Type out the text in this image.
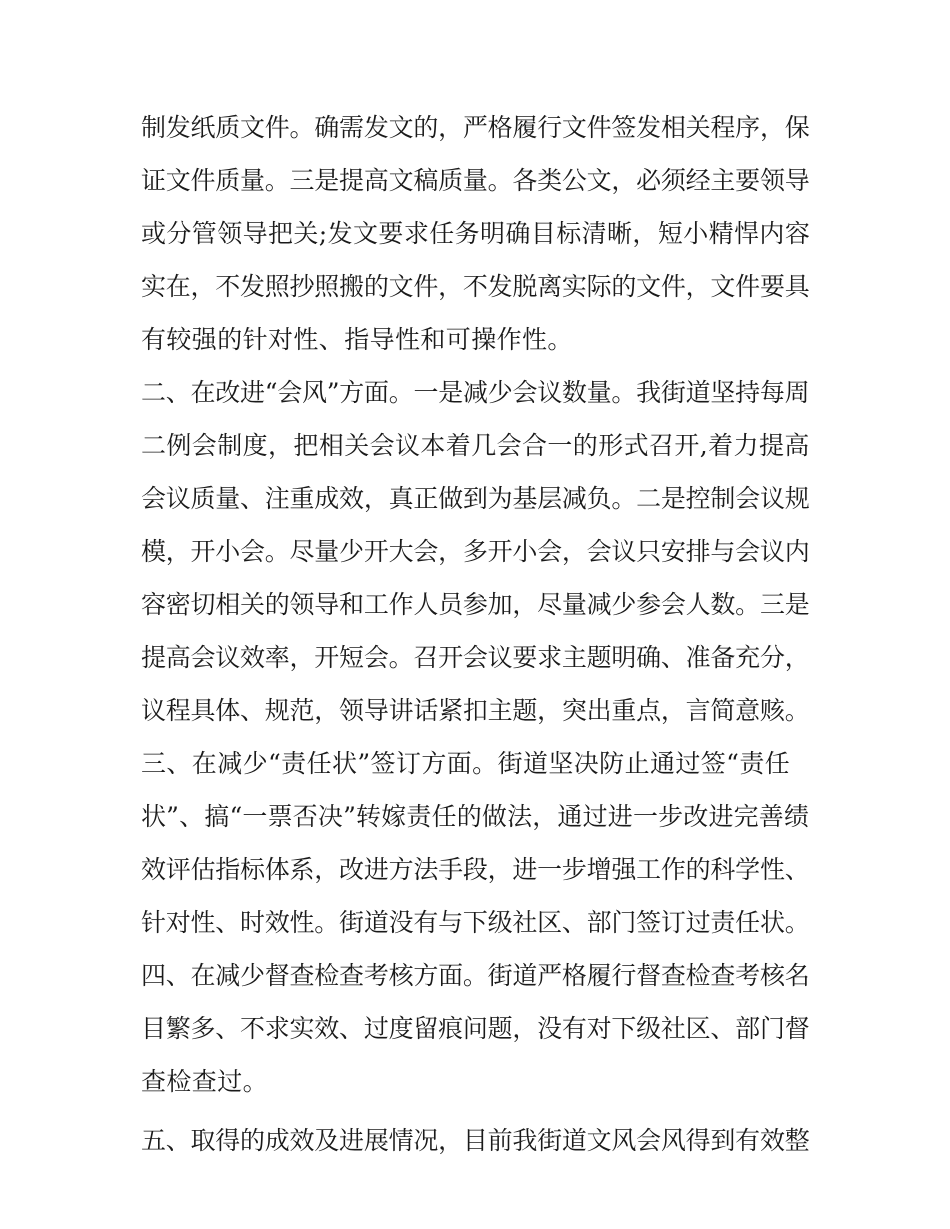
制发纸质文件。确需发文的，严格履行文件签发相关程序，保
证文件质量。三是提高文稿质量。各类公文，必须经主要领导
或分管领导把关;发文要求任务明确目标清晰，短小精悍内容
实在，不发照抄照搬的文件，不发脱离实际的文件，文件要具
有较强的针对性、指导性和可操作性。
二、在改进“会风”方面。一是减少会议数量。我街道坚持每周
二例会制度，把相关会议本着几会合一的形式召开,着力提高
会议质量、注重成效，真正做到为基层减负。二是控制会议规
模，开小会。尽量少开大会，多开小会，会议只安排与会议内
容密切相关的领导和工作人员参加，尽量减少参会人数。三是
提高会议效率，开短会。召开会议要求主题明确、准备充分，
议程具体、规范，领导讲话紧扣主题，突出重点，言简意赅。
三、在减少“责任状”签订方面。街道坚决防止通过签“责任
状”、搞“一票否决”转嫁责任的做法，通过进一步改进完善绩
效评估指标体系，改进方法手段，进一步增强工作的科学性、
针对性、时效性。街道没有与下级社区、部门签订过责任状。
四、在减少督查检查考核方面。街道严格履行督查检查考核名
目繁多、不求实效、过度留痕问题，没有对下级社区、部门督
查检查过。
五、取得的成效及进展情况，目前我街道文风会风得到有效整
